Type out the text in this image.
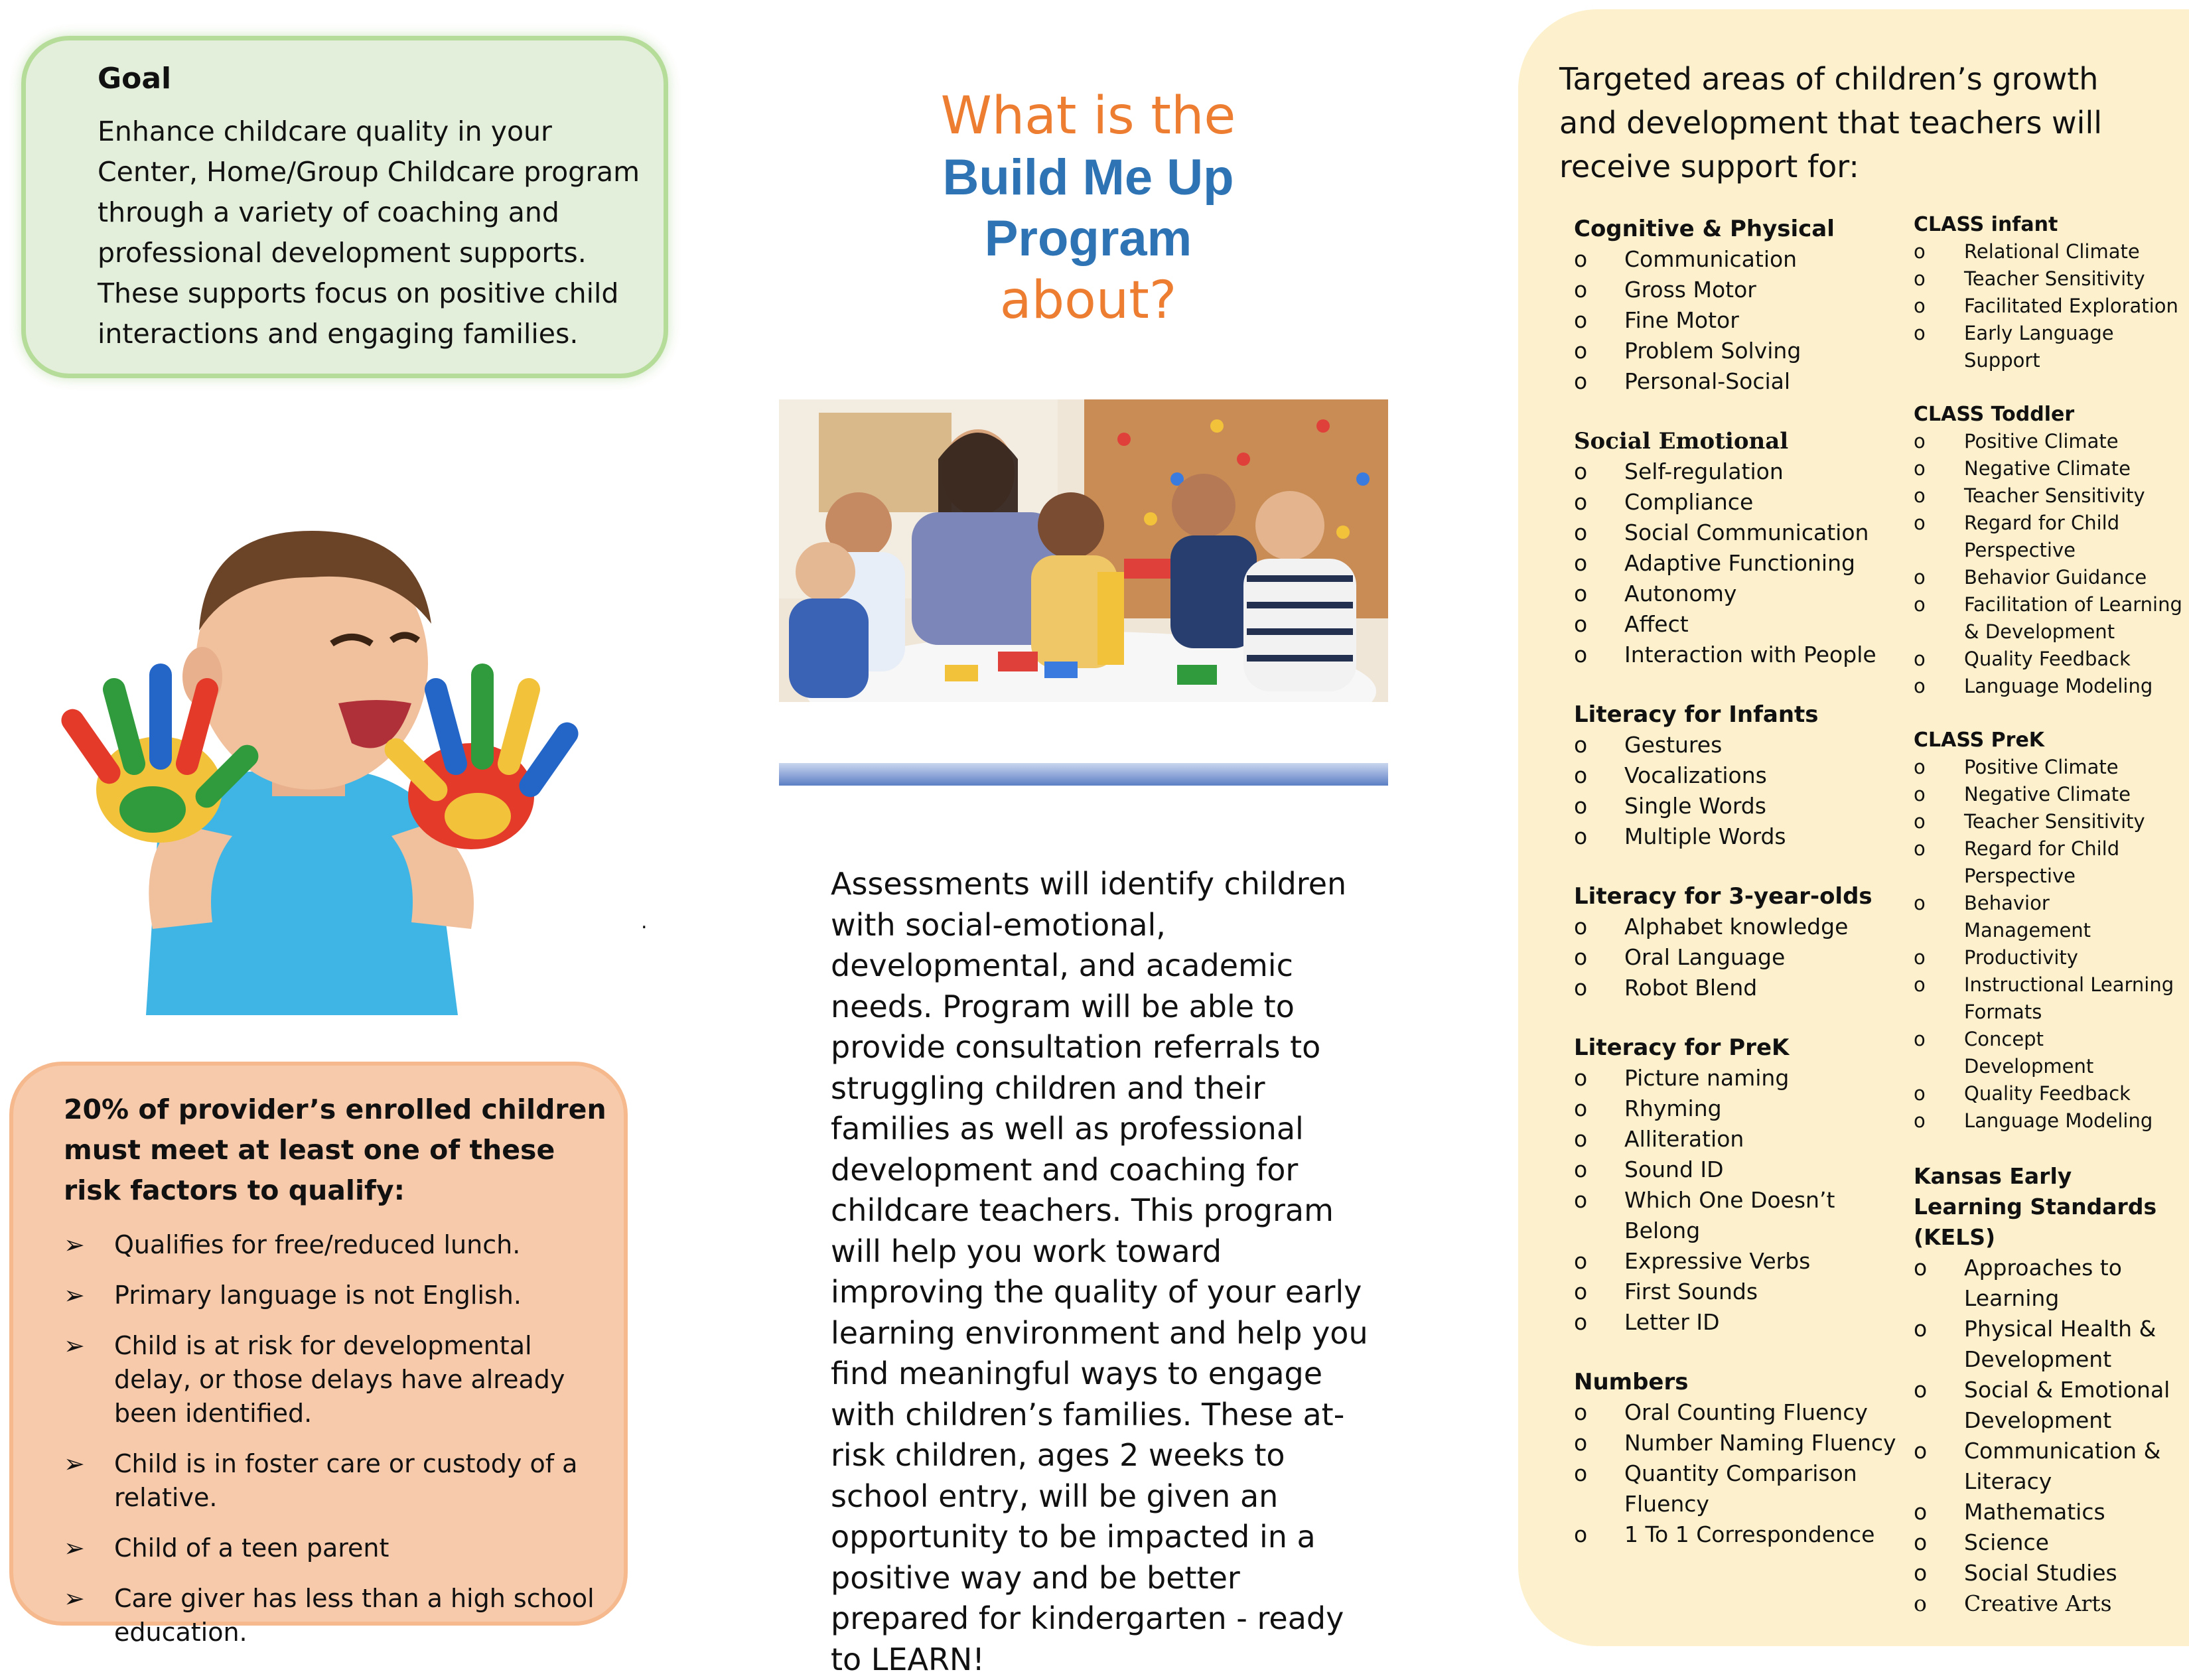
Goal

Enhance childcare quality in your Center, Home/Group Childcare program through a variety of coaching and professional development supports. These supports focus on positive child interactions and engaging families.

.
20% of provider’s enrolled children must meet at least one of these risk factors to qualify:
➢ Qualifies for free/reduced lunch.
➢ Primary language is not English.
➢ Child is at risk for developmental delay, or those delays have already been identified.
➢ Child is in foster care or custody of a relative.
➢ Child of a teen parent
➢ Care giver has less than a high school education.
What is the
Build Me Up
Program
about?
Assessments will identify children with social-emotional, developmental, and academic needs. Program will be able to provide consultation referrals to struggling children and their families as well as professional development and coaching for childcare teachers. This program will help you work toward improving the quality of your early learning environment and help you find meaningful ways to engage with children’s families. These at-risk children, ages 2 weeks to school entry, will be given an opportunity to be impacted in a positive way and be better prepared for kindergarten - ready to LEARN!
Targeted areas of children’s growth and development that teachers will receive support for:
Cognitive & Physical
o Communication
o Gross Motor
o Fine Motor
o Problem Solving
o Personal-Social
Social Emotional
o Self-regulation
o Compliance
o Social Communication
o Adaptive Functioning
o Autonomy
o Affect
o Interaction with People
Literacy for Infants
o Gestures
o Vocalizations
o Single Words
o Multiple Words
Literacy for 3-year-olds
o Alphabet knowledge
o Oral Language
o Robot Blend
Literacy for PreK
o Picture naming
o Rhyming
o Alliteration
o Sound ID
o Which One Doesn’t Belong
o Expressive Verbs
o First Sounds
o Letter ID
Numbers
o Oral Counting Fluency
o Number Naming Fluency
o Quantity Comparison Fluency
o 1 To 1 Correspondence
CLASS infant
o Relational Climate
o Teacher Sensitivity
o Facilitated Exploration
o Early Language Support
CLASS Toddler
o Positive Climate
o Negative Climate
o Teacher Sensitivity
o Regard for Child Perspective
o Behavior Guidance
o Facilitation of Learning & Development
o Quality Feedback
o Language Modeling
CLASS PreK
o Positive Climate
o Negative Climate
o Teacher Sensitivity
o Regard for Child Perspective
o Behavior Management
o Productivity
o Instructional Learning Formats
o Concept Development
o Quality Feedback
o Language Modeling
Kansas Early Learning Standards (KELS)
o Approaches to Learning
o Physical Health & Development
o Social & Emotional Development
o Communication & Literacy
o Mathematics
o Science
o Social Studies
o Creative Arts
